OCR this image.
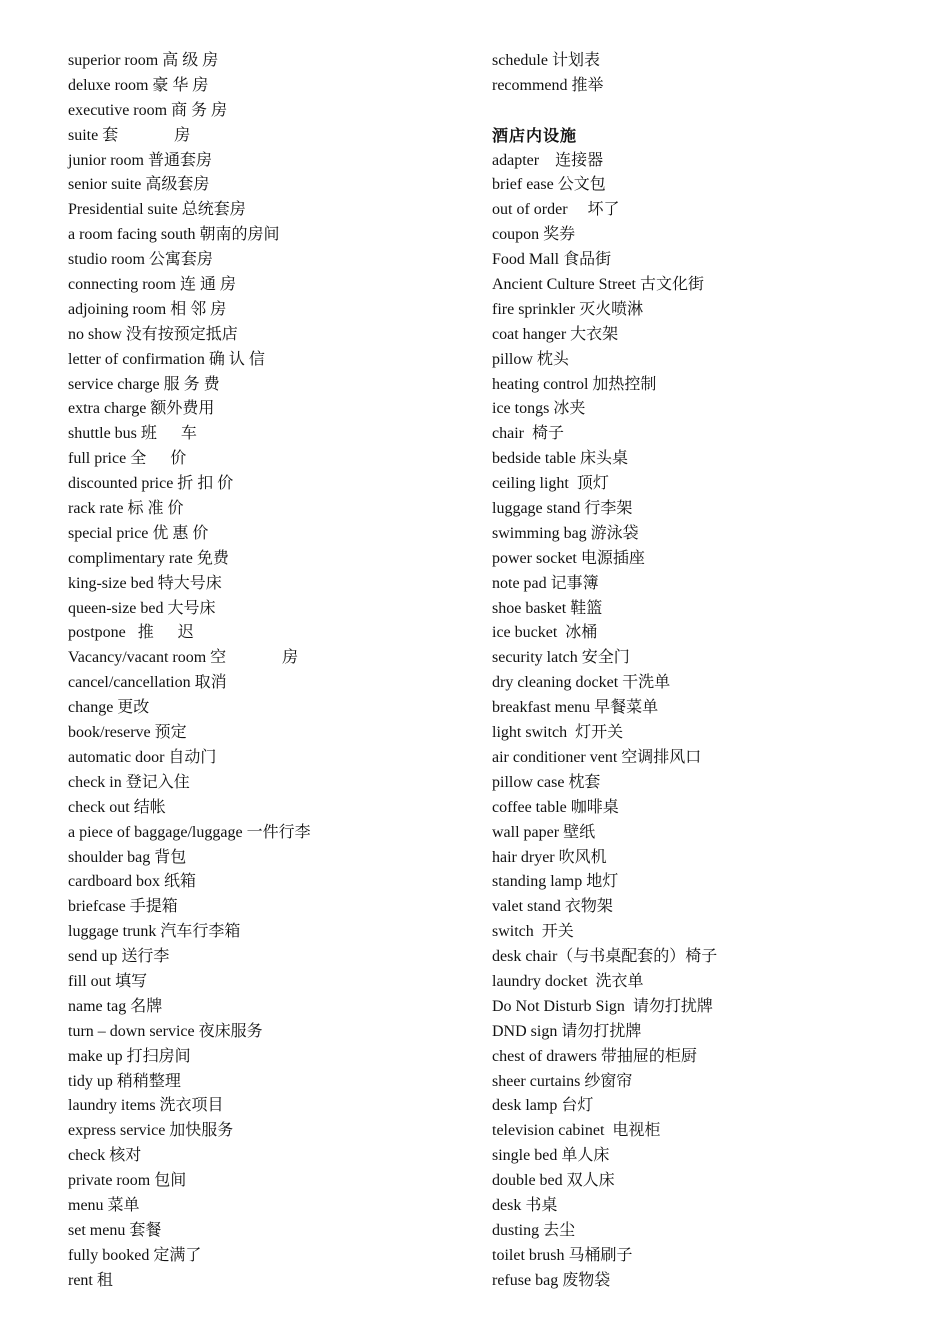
superior room 高 级 房
deluxe room 豪 华 房
executive room 商 务 房
suite 套              房
junior room 普通套房
senior suite 高级套房
Presidential suite 总统套房
a room facing south 朝南的房间
studio room 公寓套房
connecting room 连 通 房
adjoining room 相 邻 房
no show 没有按预定抵店
letter of confirmation 确 认 信
service charge 服 务 费
extra charge 额外费用
shuttle bus 班      车
full price 全      价
discounted price 折 扣 价
rack rate 标 准 价
special price 优 惠 价
complimentary rate 免费
king-size bed 特大号床
queen-size bed 大号床
postpone   推      迟
Vacancy/vacant room 空              房
cancel/cancellation 取消
change 更改
book/reserve 预定
automatic door 自动门
check in 登记入住
check out 结帐
a piece of baggage/luggage 一件行李
shoulder bag 背包
cardboard box 纸箱
briefcase 手提箱
luggage trunk 汽车行李箱
send up 送行李
fill out 填写
name tag 名牌
turn – down service 夜床服务
make up 打扫房间
tidy up 稍稍整理
laundry items 洗衣项目
express service 加快服务
check 核对
private room 包间
menu 菜单
set menu 套餐
fully booked 定满了
rent 租
schedule 计划表
recommend 推举
酒店内设施
adapter    连接器
brief ease 公文包
out of order     坏了
coupon 奖券
Food Mall 食品街
Ancient Culture Street 古文化街
fire sprinkler 灭火喷淋
coat hanger 大衣架
pillow 枕头
heating control 加热控制
ice tongs 冰夹
chair  椅子
bedside table 床头桌
ceiling light  顶灯
luggage stand 行李架
swimming bag 游泳袋
power socket 电源插座
note pad 记事簿
shoe basket 鞋篮
ice bucket  冰桶
security latch 安全门
dry cleaning docket 干洗单
breakfast menu 早餐菜单
light switch  灯开关
air conditioner vent 空调排风口
pillow case 枕套
coffee table 咖啡桌
wall paper 壁纸
hair dryer 吹风机
standing lamp 地灯
valet stand 衣物架
switch  开关
desk chair（与书桌配套的）椅子
laundry docket  洗衣单
Do Not Disturb Sign  请勿打扰牌
DND sign 请勿打扰牌
chest of drawers 带抽屉的柜厨
sheer curtains 纱窗帘
desk lamp 台灯
television cabinet  电视柜
single bed 单人床
double bed 双人床
desk 书桌
dusting 去尘
toilet brush 马桶刷子
refuse bag 废物袋
